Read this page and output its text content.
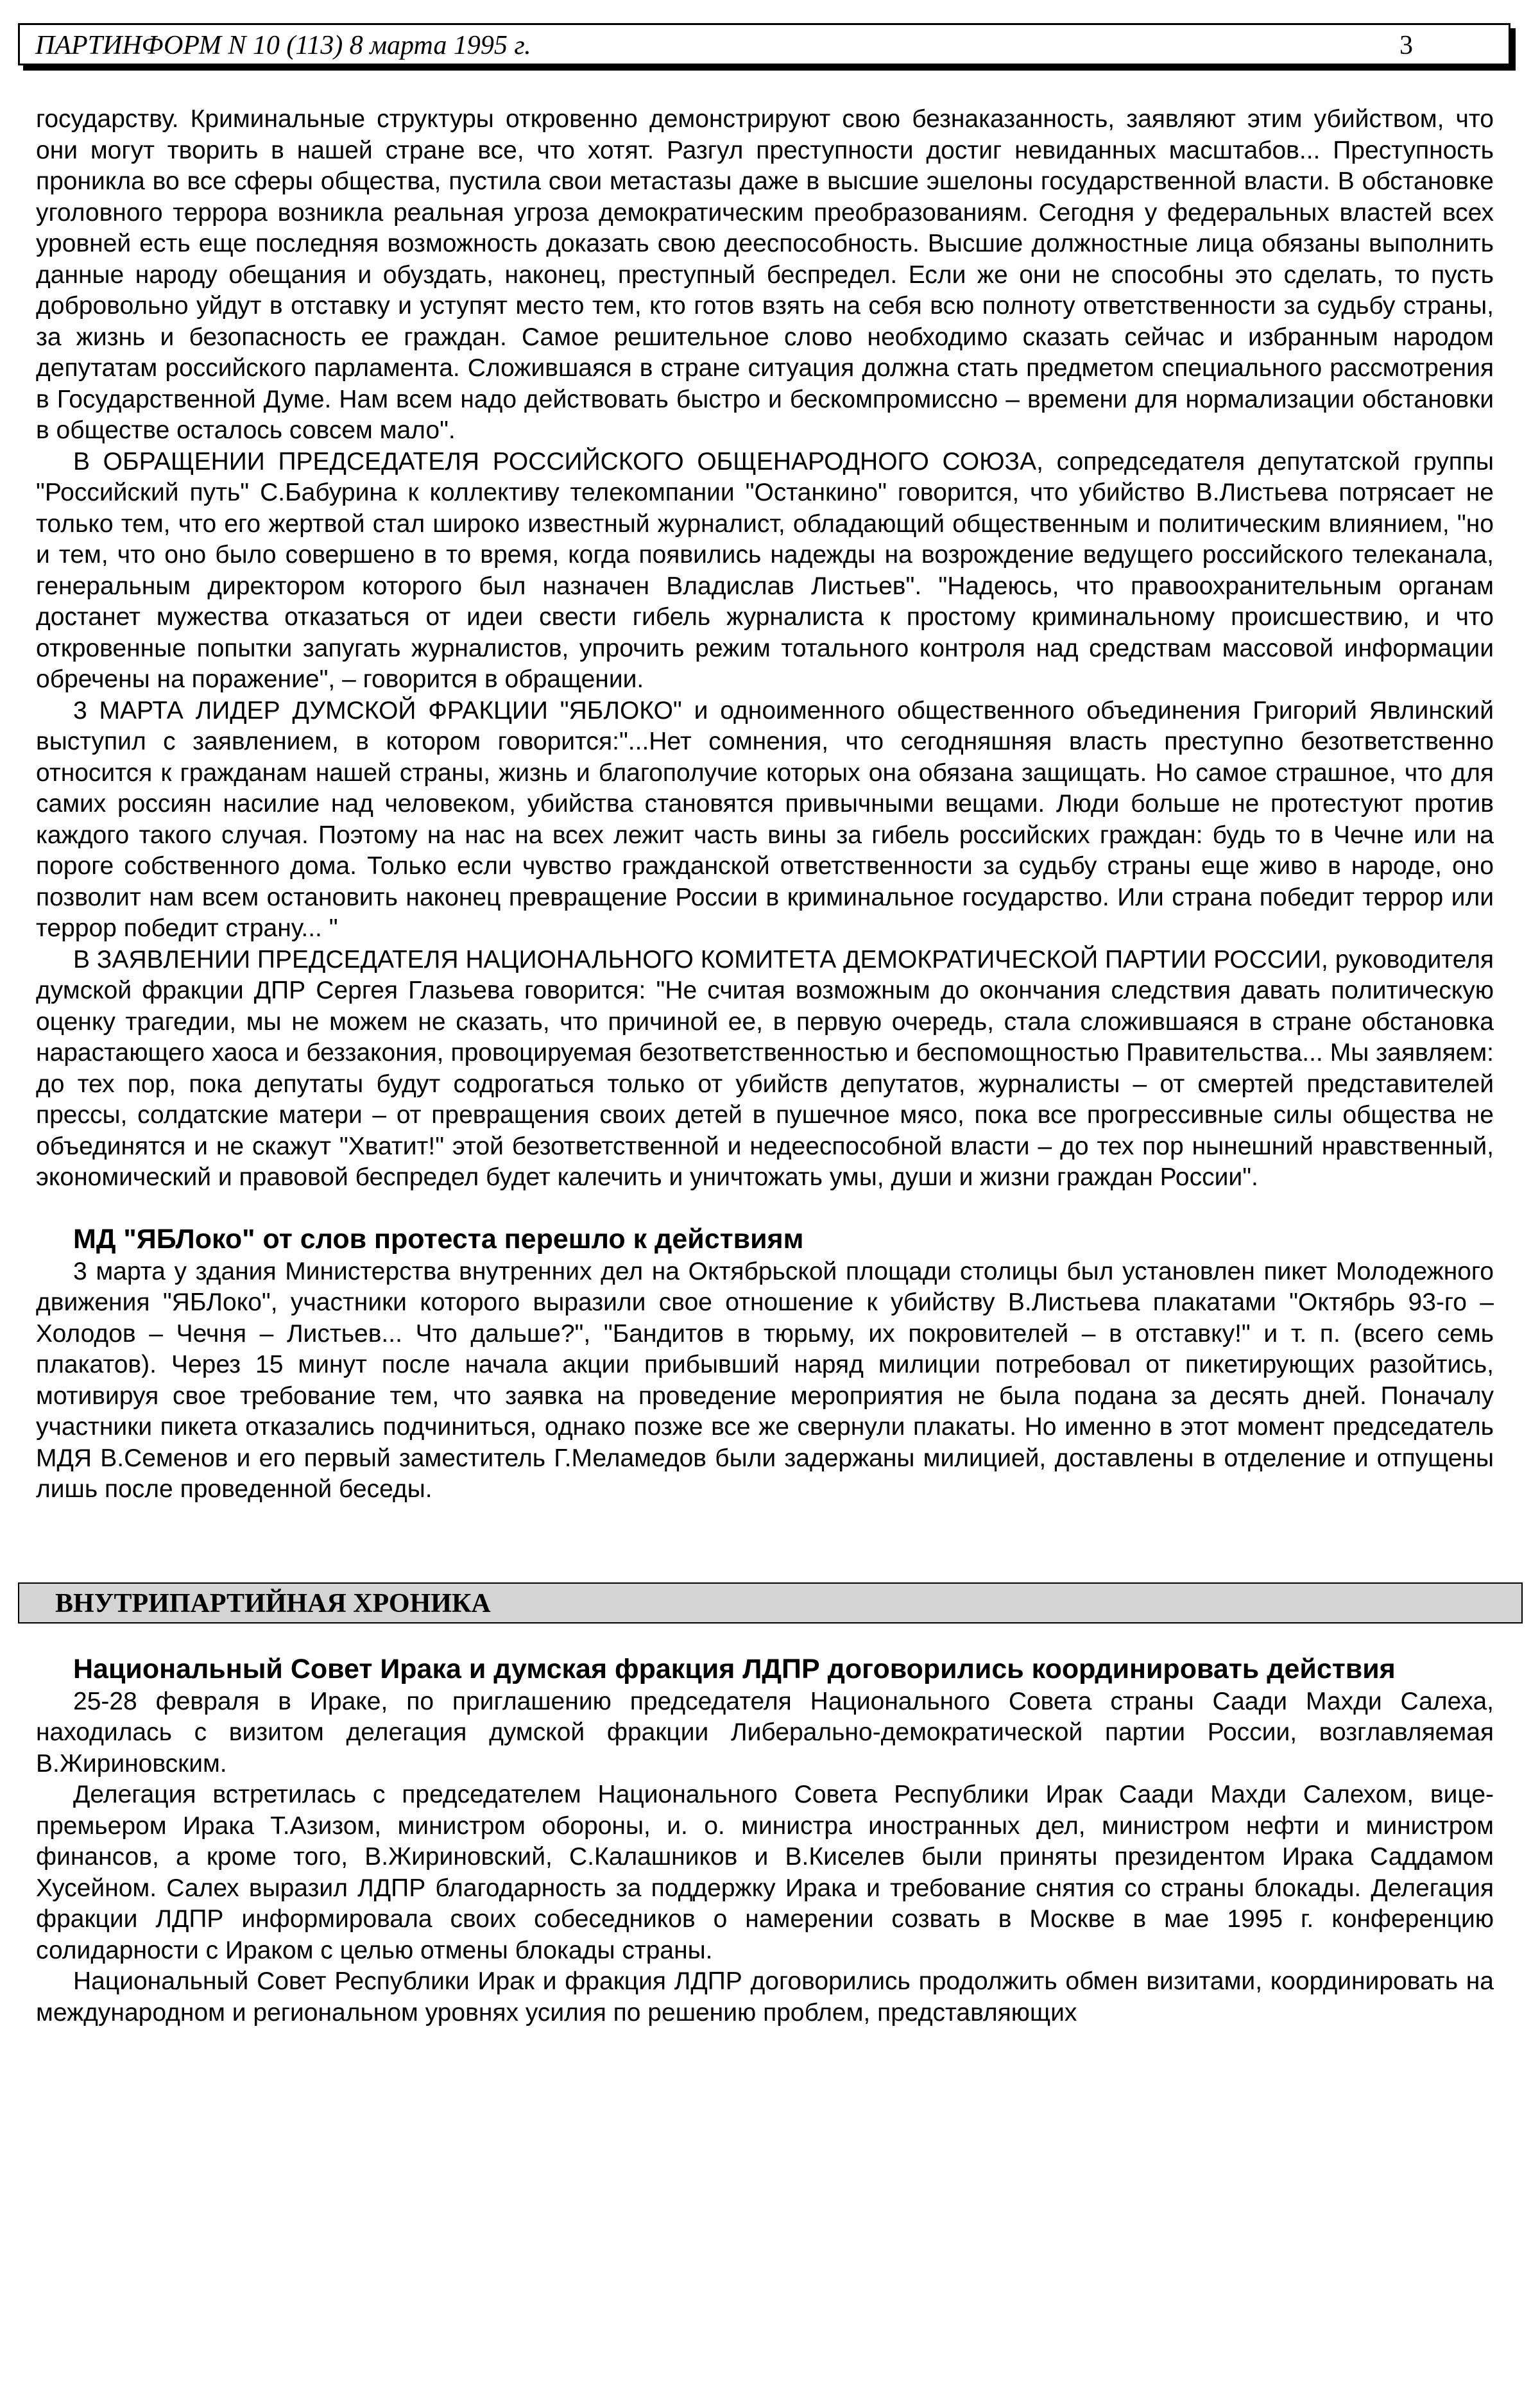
ПАРТИНФОРМ N 10 (113) 8 марта 1995 г.	3

государству. Криминальные структуры откровенно демонстрируют свою безнаказанность, заявляют этим убийством, что они могут творить в нашей стране все, что хотят. Разгул преступности достиг невиданных масштабов... Преступность проникла во все сферы общества, пустила свои метастазы даже в высшие эшелоны государственной власти. В обстановке уголовного террора возникла реальная угроза демократическим преобразованиям. Сегодня у федеральных властей всех уровней есть еще последняя возможность доказать свою дееспособность. Высшие должностные лица обязаны выполнить данные народу обещания и обуздать, наконец, преступный беспредел. Если же они не способны это сделать, то пусть добровольно уйдут в отставку и уступят место тем, кто готов взять на себя всю полноту ответственности за судьбу страны, за жизнь и безопасность ее граждан. Самое решительное слово необходимо сказать сейчас и избранным народом депутатам российского парламента. Сложившаяся в стране ситуация должна стать предметом специального рассмотрения в Государственной Думе. Нам всем надо действовать быстро и бескомпромиссно – времени для нормализации обстановки в обществе осталось совсем мало".

В ОБРАЩЕНИИ ПРЕДСЕДАТЕЛЯ РОССИЙСКОГО ОБЩЕНАРОДНОГО СОЮЗА, сопредседателя депутатской группы "Российский путь" С.Бабурина к коллективу телекомпании "Останкино" говорится, что убийство В.Листьева потрясает не только тем, что его жертвой стал широко известный журналист, обладающий общественным и политическим влиянием, "но и тем, что оно было совершено в то время, когда появились надежды на возрождение ведущего российского телеканала, генеральным директором которого был назначен Владислав Листьев". "Надеюсь, что правоохранительным органам достанет мужества отказаться от идеи свести гибель журналиста к простому криминальному происшествию, и что откровенные попытки запугать журналистов, упрочить режим тотального контроля над средствам массовой информации обречены на поражение", – говорится в обращении.

3 МАРТА ЛИДЕР ДУМСКОЙ ФРАКЦИИ "ЯБЛОКО" и одноименного общественного объединения Григорий Явлинский выступил с заявлением, в котором говорится:"...Нет сомнения, что сегодняшняя власть преступно безответственно относится к гражданам нашей страны, жизнь и благополучие которых она обязана защищать. Но самое страшное, что для самих россиян насилие над человеком, убийства становятся привычными вещами. Люди больше не протестуют против каждого такого случая. Поэтому на нас на всех лежит часть вины за гибель российских граждан: будь то в Чечне или на пороге собственного дома. Только если чувство гражданской ответственности за судьбу страны еще живо в народе, оно позволит нам всем остановить наконец превращение России в криминальное государство. Или страна победит террор или террор победит страну... "

В ЗАЯВЛЕНИИ ПРЕДСЕДАТЕЛЯ НАЦИОНАЛЬНОГО КОМИТЕТА ДЕМОКРАТИЧЕСКОЙ ПАРТИИ РОССИИ, руководителя думской фракции ДПР Сергея Глазьева говорится: "Не считая возможным до окончания следствия давать политическую оценку трагедии, мы не можем не сказать, что причиной ее, в первую очередь, стала сложившаяся в стране обстановка нарастающего хаоса и беззакония, провоцируемая безответственностью и беспомощностью Правительства... Мы заявляем: до тех пор, пока депутаты будут содрогаться только от убийств депутатов, журналисты – от смертей представителей прессы, солдатские матери – от превращения своих детей в пушечное мясо, пока все прогрессивные силы общества не объединятся и не скажут "Хватит!" этой безответственной и недееспособной власти – до тех пор нынешний нравственный, экономический и правовой беспредел будет калечить и уничтожать умы, души и жизни граждан России".

МД "ЯБЛоко" от слов протеста перешло к действиям

3 марта у здания Министерства внутренних дел на Октябрьской площади столицы был установлен пикет Молодежного движения "ЯБЛоко", участники которого выразили свое отношение к убийству В.Листьева плакатами "Октябрь 93-го – Холодов – Чечня – Листьев... Что дальше?", "Бандитов в тюрьму, их покровителей – в отставку!" и т. п. (всего семь плакатов). Через 15 минут после начала акции прибывший наряд милиции потребовал от пикетирующих разойтись, мотивируя свое требование тем, что заявка на проведение мероприятия не была подана за десять дней. Поначалу участники пикета отказались подчиниться, однако позже все же свернули плакаты. Но именно в этот момент председатель МДЯ В.Семенов и его первый заместитель Г.Меламедов были задержаны милицией, доставлены в отделение и отпущены лишь после проведенной беседы.

ВНУТРИПАРТИЙНАЯ ХРОНИКА
Национальный Совет Ирака и думская фракция ЛДПР договорились координировать действия

25-28 февраля в Ираке, по приглашению председателя Национального Совета страны Саади Махди Салеха, находилась с визитом делегация думской фракции Либерально-демократической партии России, возглавляемая В.Жириновским.

Делегация встретилась с председателем Национального Совета Республики Ирак Саади Махди Салехом, вице-премьером Ирака Т.Азизом, министром обороны, и. о. министра иностранных дел, министром нефти и министром финансов, а кроме того, В.Жириновский, С.Калашников и В.Киселев были приняты президентом Ирака Саддамом Хусейном. Салех выразил ЛДПР благодарность за поддержку Ирака и требование снятия со страны блокады. Делегация фракции ЛДПР информировала своих собеседников о намерении созвать в Москве в мае 1995 г. конференцию солидарности с Ираком с целью отмены блокады страны.

Национальный Совет Республики Ирак и фракция ЛДПР договорились продолжить обмен визитами, координировать на международном и региональном уровнях усилия по решению проблем, представляющих
